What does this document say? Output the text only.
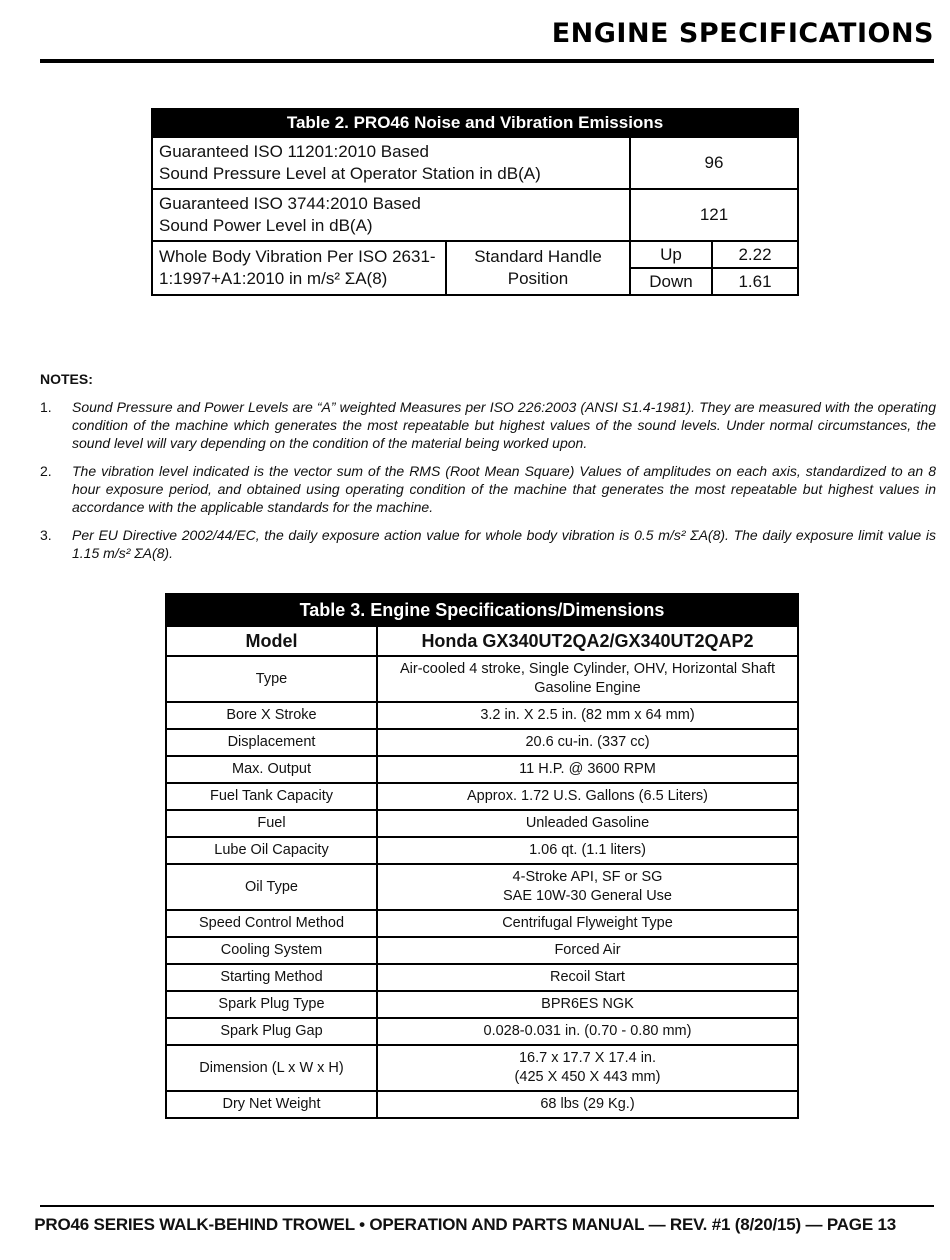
ENGINE SPECIFICATIONS
Table 2. PRO46 Noise and Vibration Emissions			
Guaranteed ISO 11201:2010 Based
Sound Pressure Level at Operator Station in dB(A)		96	
Guaranteed ISO 3744:2010 Based
Sound Power Level in dB(A)		121	
Whole Body Vibration Per ISO 2631-1:1997+A1:2010 in m/s² ΣA(8)	Standard Handle Position	Up	2.22
		Down	1.61
NOTES:
1. Sound Pressure and Power Levels are “A” weighted Measures per ISO 226:2003 (ANSI S1.4-1981). They are measured with the operating condition of the machine which generates the most repeatable but highest values of the sound levels. Under normal circumstances, the sound level will vary depending on the condition of the material being worked upon.
2. The vibration level indicated is the vector sum of the RMS (Root Mean Square) Values of amplitudes on each axis, standardized to an 8 hour exposure period, and obtained using operating condition of the machine that generates the most repeatable but highest values in accordance with the applicable standards for the machine.
3. Per EU Directive 2002/44/EC, the daily exposure action value for whole body vibration is 0.5 m/s² ΣA(8). The daily exposure limit value is 1.15 m/s² ΣA(8).
Table 3. Engine Specifications/Dimensions	
Model	Honda GX340UT2QA2/GX340UT2QAP2
Type	Air-cooled 4 stroke, Single Cylinder, OHV, Horizontal Shaft
Gasoline Engine
Bore X Stroke	3.2 in. X 2.5 in. (82 mm x 64 mm)
Displacement	20.6 cu-in. (337 cc)
Max. Output	11 H.P. @ 3600 RPM
Fuel Tank Capacity	Approx. 1.72 U.S. Gallons (6.5 Liters)
Fuel	Unleaded Gasoline
Lube Oil Capacity	1.06 qt. (1.1 liters)
Oil Type	4-Stroke API, SF or SG
SAE 10W-30 General Use
Speed Control Method	Centrifugal Flyweight Type
Cooling System	Forced Air
Starting Method	Recoil Start
Spark Plug Type	BPR6ES NGK
Spark Plug Gap	0.028-0.031 in. (0.70 - 0.80 mm)
Dimension (L x W x H)	16.7 x 17.7 X 17.4 in.
(425 X 450 X 443 mm)
Dry Net Weight	68 lbs (29 Kg.)
PRO46 SERIES WALK-BEHIND TROWEL • OPERATION AND PARTS MANUAL — REV. #1 (8/20/15) — PAGE 13
